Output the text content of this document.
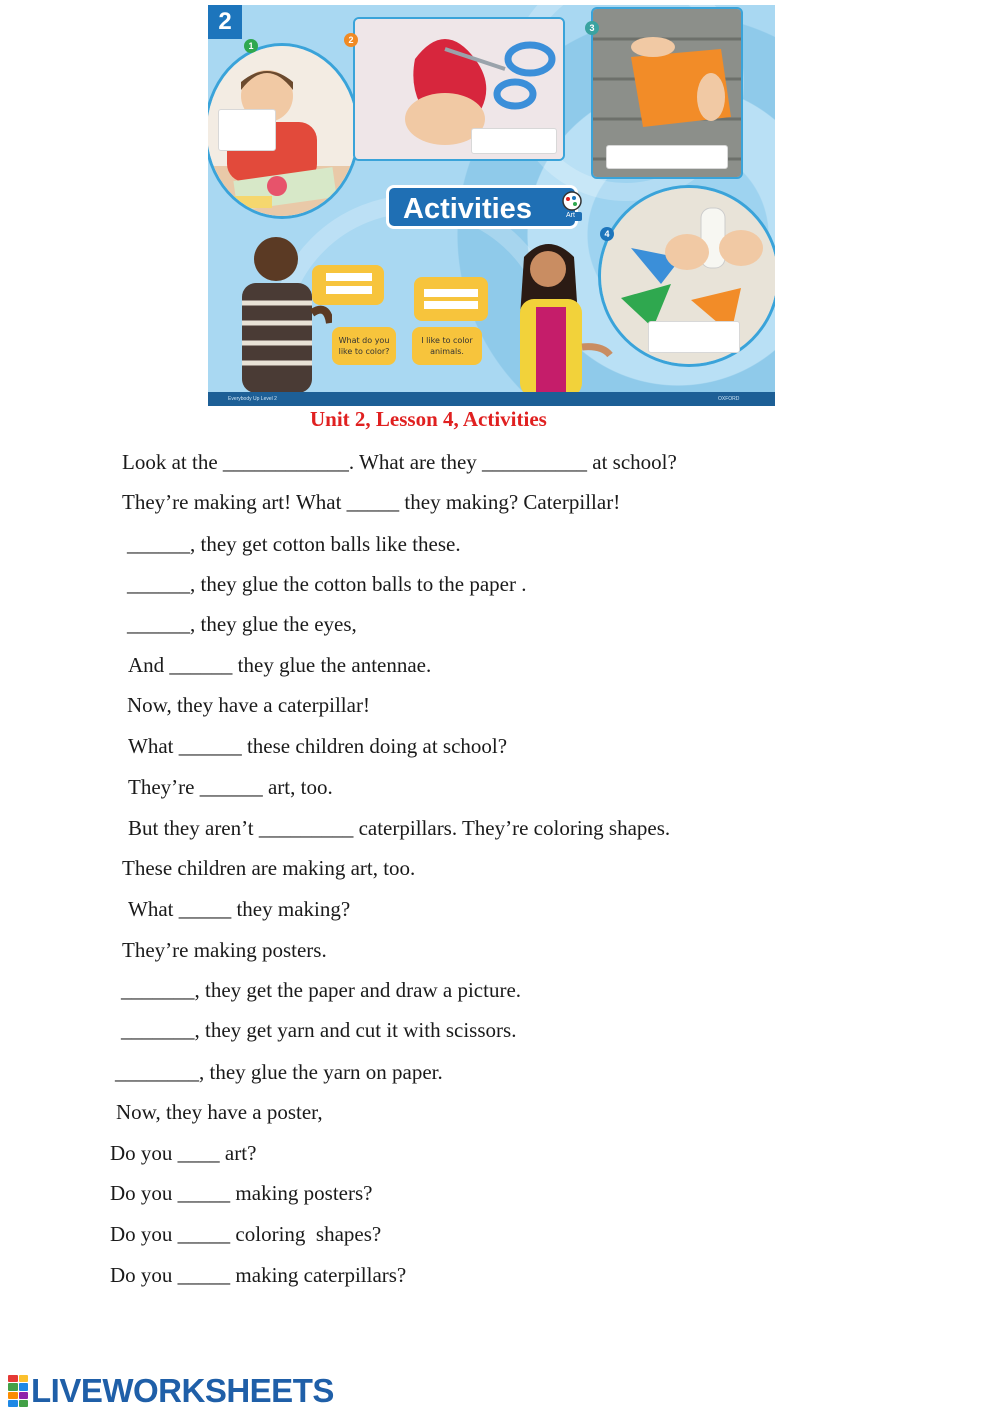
2
1
2
3
Activities	Art
4
What do you
like to color?
I like to color
animals.
Everybody Up Level 2	OXFORD
Unit 2, Lesson 4, Activities
Look at the ____________. What are they __________ at school?
They’re making art! What _____ they making? Caterpillar!
______, they get cotton balls like these.
______, they glue the cotton balls to the paper .
______, they glue the eyes,
And ______ they glue the antennae.
Now, they have a caterpillar!
What ______ these children doing at school?
They’re ______ art, too.
But they aren’t _________ caterpillars. They’re coloring shapes.
These children are making art, too.
What _____ they making?
They’re making posters.
_______, they get the paper and draw a picture.
_______, they get yarn and cut it with scissors.
________, they glue the yarn on paper.
Now, they have a poster,
Do you ____ art?
Do you _____ making posters?
Do you _____ coloring  shapes?
Do you _____ making caterpillars?
LIVEWORKSHEETS
